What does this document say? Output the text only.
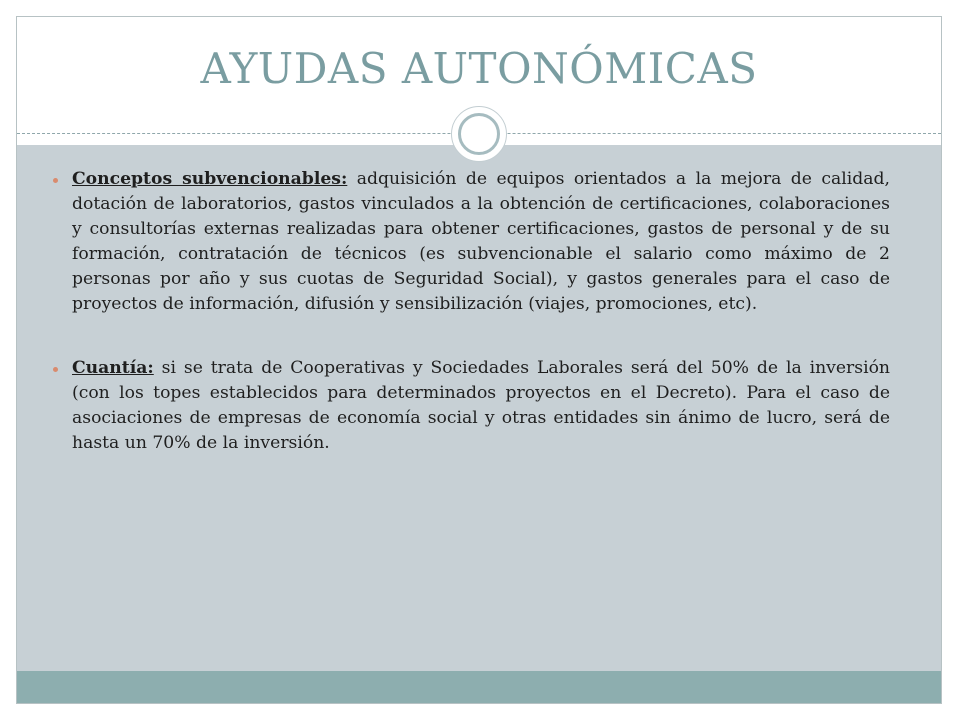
AYUDAS AUTONÓMICAS
Conceptos subvencionables: adquisición de equipos orientados a la mejora de calidad, dotación de laboratorios, gastos vinculados a la obtención de certificaciones, colaboraciones y consultorías externas realizadas para obtener certificaciones, gastos de personal y de su formación, contratación de técnicos (es subvencionable el salario como máximo de 2 personas por año y sus cuotas de Seguridad Social), y gastos generales para el caso de proyectos de información, difusión y sensibilización (viajes, promociones, etc).
Cuantía: si se trata de Cooperativas y Sociedades Laborales será del 50% de la inversión (con los topes establecidos para determinados proyectos en el Decreto). Para el caso de asociaciones de empresas de economía social y otras entidades sin ánimo de lucro, será de hasta un 70% de la inversión.
